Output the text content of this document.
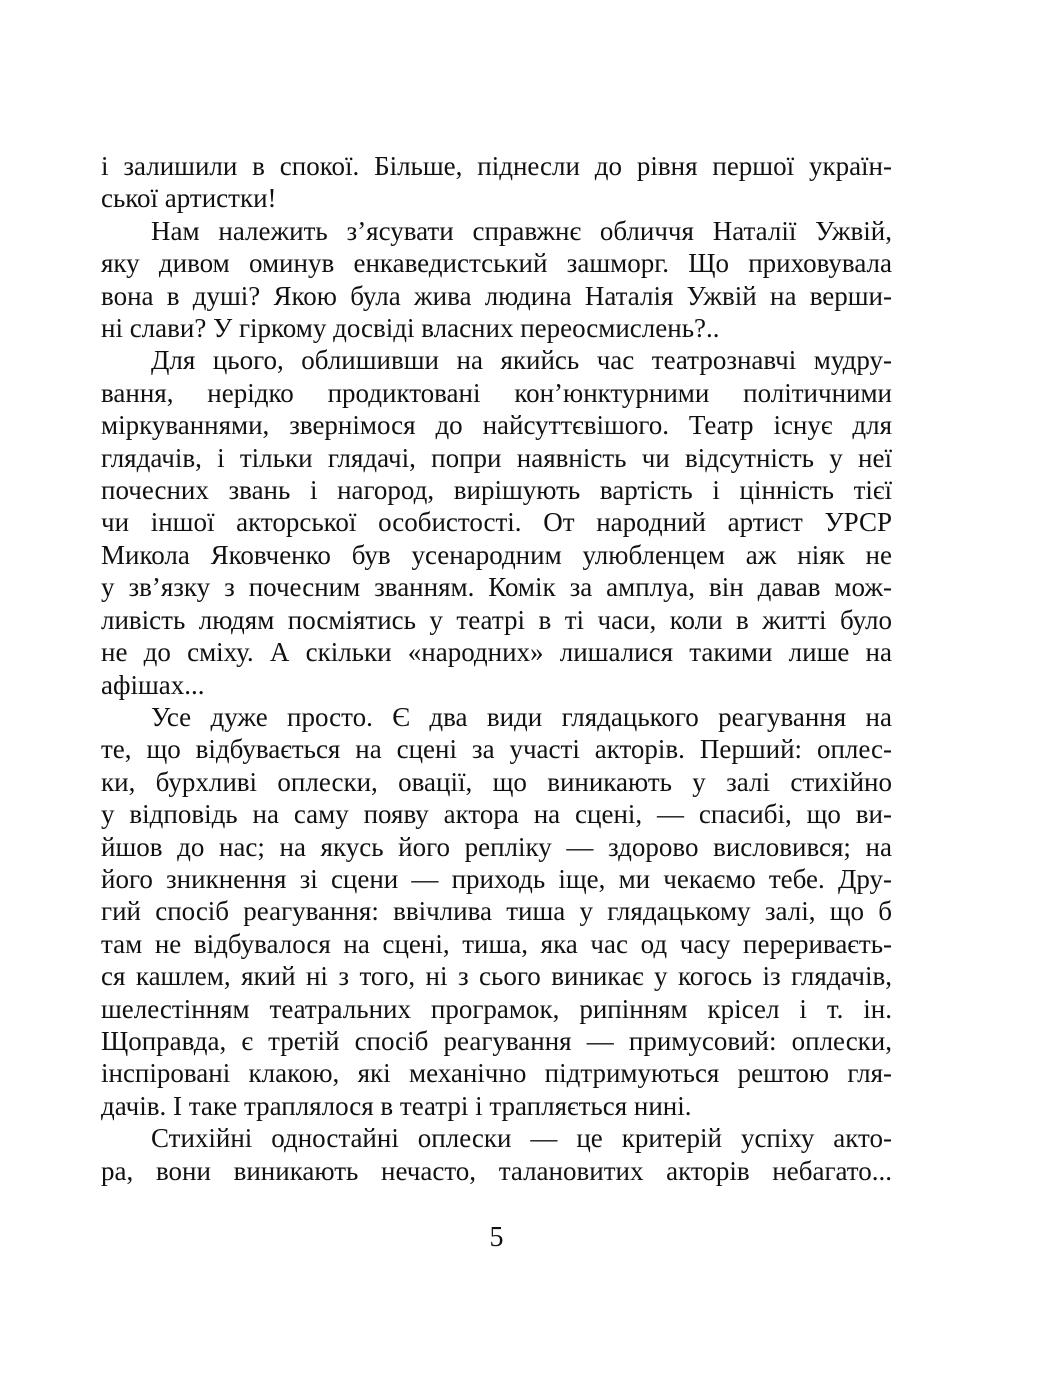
і залишили в спокої. Більше, піднесли до рівня першої україн-
ської артистки!
Нам належить з’ясувати справжнє обличчя Наталії Ужвій,
яку дивом оминув енкаведистський зашморг. Що приховувала
вона в душі? Якою була жива людина Наталія Ужвій на верши-
ні слави? У гіркому досвіді власних переосмислень?..
Для цього, облишивши на якийсь час театрознавчі мудру-
вання, нерідко продиктовані кон’юнктурними політичними
міркуваннями, звернімося до найсуттєвішого. Театр існує для
глядачів, і тільки глядачі, попри наявність чи відсутність у неї
почесних звань і нагород, вирішують вартість і цінність тієї
чи іншої акторської особистості. От народний артист УРСР
Микола Яковченко був усенародним улюбленцем аж ніяк не
у зв’язку з почесним званням. Комік за амплуа, він давав мож-
ливість людям посміятись у театрі в ті часи, коли в житті було
не до сміху. А скільки «народних» лишалися такими лише на
афішах...
Усе дуже просто. Є два види глядацького реагування на
те, що відбувається на сцені за участі акторів. Перший: оплес-
ки, бурхливі оплески, овації, що виникають у залі стихійно
у відповідь на саму появу актора на сцені, — спасибі, що ви-
йшов до нас; на якусь його репліку — здорово висловився; на
його зникнення зі сцени — приходь іще, ми чекаємо тебе. Дру-
гий спосіб реагування: ввічлива тиша у глядацькому залі, що б
там не відбувалося на сцені, тиша, яка час од часу перериваєть-
ся кашлем, який ні з того, ні з сього виникає у когось із глядачів,
шелестінням театральних програмок, рипінням крісел і т. ін.
Щоправда, є третій спосіб реагування — примусовий: оплески,
інспіровані клакою, які механічно підтримуються рештою гля-
дачів. І таке траплялося в театрі і трапляється нині.
Стихійні одностайні оплески — це критерій успіху акто-
ра, вони виникають нечасто, талановитих акторів небагато...
5
